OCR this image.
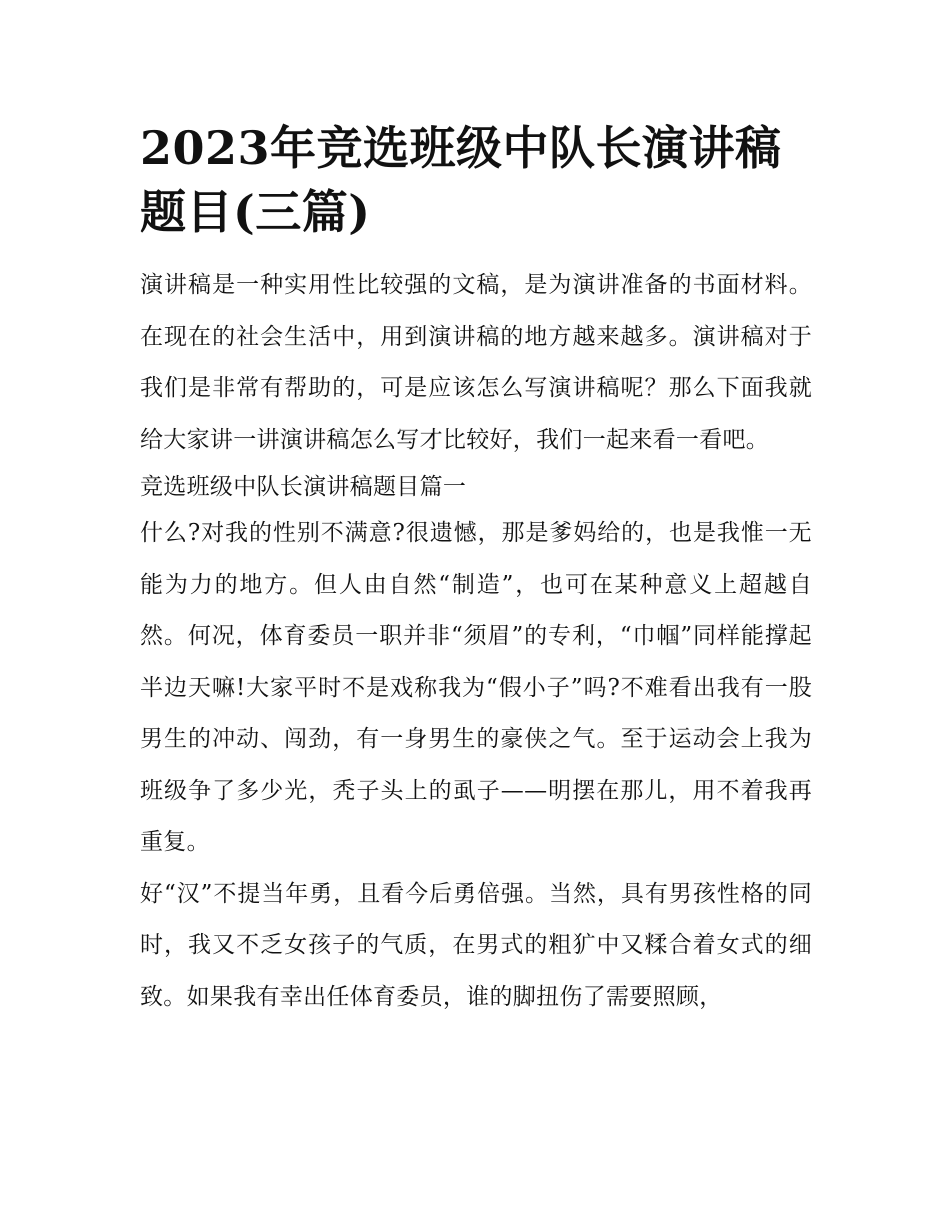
2023年竞选班级中队长演讲稿题目(三篇)

演讲稿是一种实用性比较强的文稿，是为演讲准备的书面材料。在现在的社会生活中，用到演讲稿的地方越来越多。演讲稿对于我们是非常有帮助的，可是应该怎么写演讲稿呢？那么下面我就给大家讲一讲演讲稿怎么写才比较好，我们一起来看一看吧。

竞选班级中队长演讲稿题目篇一

什么?对我的性别不满意?很遗憾，那是爹妈给的，也是我惟一无能为力的地方。但人由自然“制造”，也可在某种意义上超越自然。何况，体育委员一职并非“须眉”的专利，“巾帼”同样能撑起半边天嘛!大家平时不是戏称我为“假小子”吗?不难看出我有一股男生的冲动、闯劲，有一身男生的豪侠之气。至于运动会上我为班级争了多少光，秃子头上的虱子——明摆在那儿，用不着我再重复。

好“汉”不提当年勇，且看今后勇倍强。当然，具有男孩性格的同时，我又不乏女孩子的气质，在男式的粗犷中又糅合着女式的细致。如果我有幸出任体育委员，谁的脚扭伤了需要照顾，
